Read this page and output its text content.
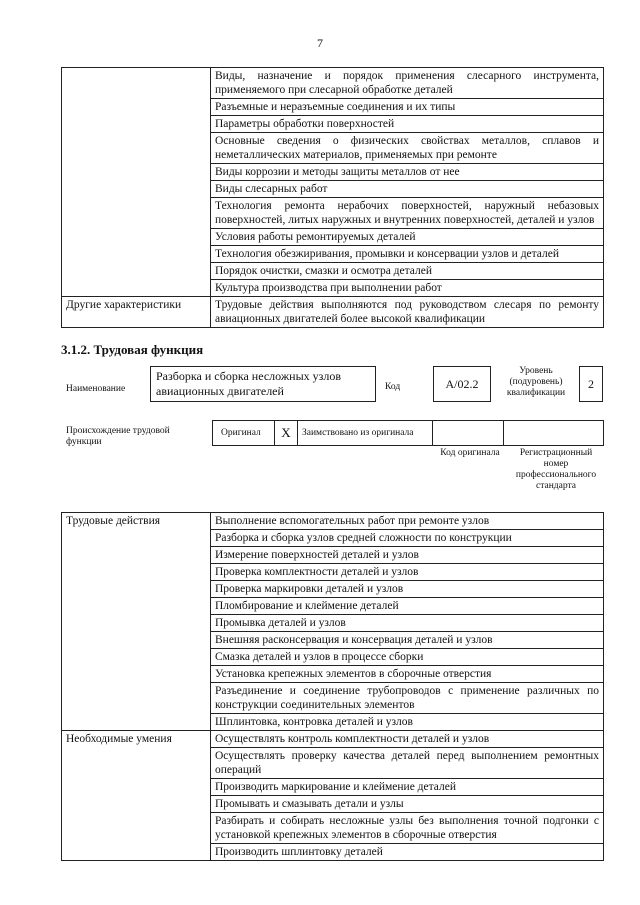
7
	Виды, назначение и порядок применения слесарного инструмента, применяемого при слесарной обработке деталей
	Разъемные и неразъемные соединения и их типы
	Параметры обработки поверхностей
	Основные сведения о физических свойствах металлов, сплавов и неметаллических материалов, применяемых при ремонте
	Виды коррозии и методы защиты металлов от нее
	Виды слесарных работ
	Технология ремонта нерабочих поверхностей, наружный небазовых поверхностей, литых наружных и внутренних поверхностей, деталей и узлов
	Условия работы ремонтируемых деталей
	Технология обезжиривания, промывки и консервации узлов и деталей
	Порядок очистки, смазки и осмотра деталей
	Культура производства при выполнении работ
Другие характеристики	Трудовые действия выполняются под руководством слесаря по ремонту авиационных двигателей более высокой квалификации
3.1.2. Трудовая функция
Наименование
Разборка и сборка несложных узлов авиационных двигателей	Код	A/02.2
Уровень (подуровень) квалификации
2
Происхождение трудовой функции
Оригинал	X	Заимствовано из оригинала
Код оригинала	Регистрационный номер профессионального стандарта
Трудовые действия	Выполнение вспомогательных работ при ремонте узлов
	Разборка и сборка узлов средней сложности по конструкции
	Измерение поверхностей деталей и узлов
	Проверка комплектности деталей и узлов
	Проверка маркировки деталей и узлов
	Пломбирование и клеймение деталей
	Промывка деталей и узлов
	Внешняя расконсервация и консервация деталей и узлов
	Смазка деталей и узлов в процессе сборки
	Установка крепежных элементов в сборочные отверстия
	Разъединение и соединение трубопроводов с применение различных по конструкции соединительных элементов
	Шплинтовка, контровка деталей и узлов
Необходимые умения	Осуществлять контроль комплектности деталей и узлов
	Осуществлять проверку качества деталей перед выполнением ремонтных операций
	Производить маркирование и клеймение деталей
	Промывать и смазывать детали и узлы
	Разбирать и собирать несложные узлы без выполнения точной подгонки с установкой крепежных элементов в сборочные отверстия
	Производить шплинтовку деталей
